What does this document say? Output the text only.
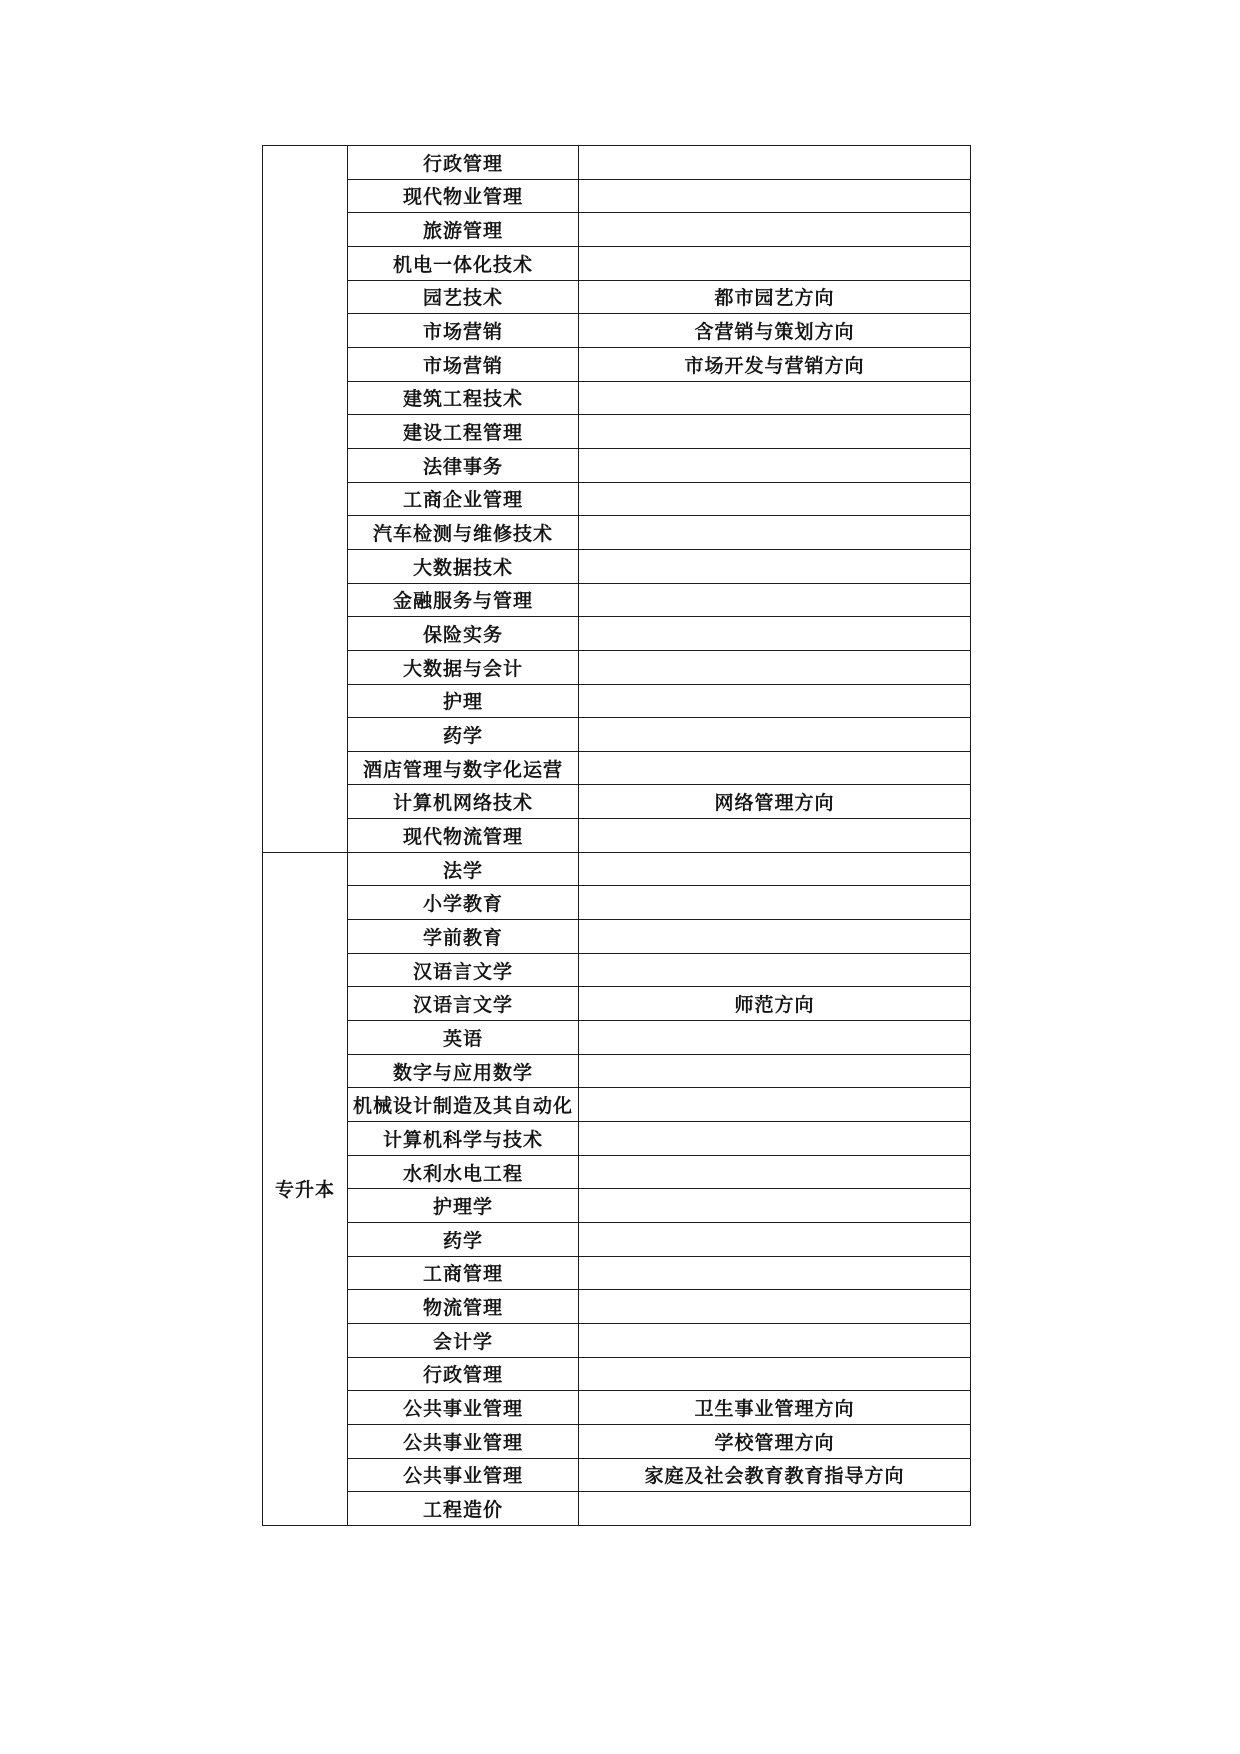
	行政管理	
	现代物业管理	
	旅游管理	
	机电一体化技术	
	园艺技术	都市园艺方向
	市场营销	含营销与策划方向
	市场营销	市场开发与营销方向
	建筑工程技术	
	建设工程管理	
	法律事务	
	工商企业管理	
	汽车检测与维修技术	
	大数据技术	
	金融服务与管理	
	保险实务	
	大数据与会计	
	护理	
	药学	
	酒店管理与数字化运营	
	计算机网络技术	网络管理方向
	现代物流管理	
专升本	法学	
	小学教育	
	学前教育	
	汉语言文学	
	汉语言文学	师范方向
	英语	
	数字与应用数学	
	机械设计制造及其自动化	
	计算机科学与技术	
	水利水电工程	
	护理学	
	药学	
	工商管理	
	物流管理	
	会计学	
	行政管理	
	公共事业管理	卫生事业管理方向
	公共事业管理	学校管理方向
	公共事业管理	家庭及社会教育教育指导方向
	工程造价	
